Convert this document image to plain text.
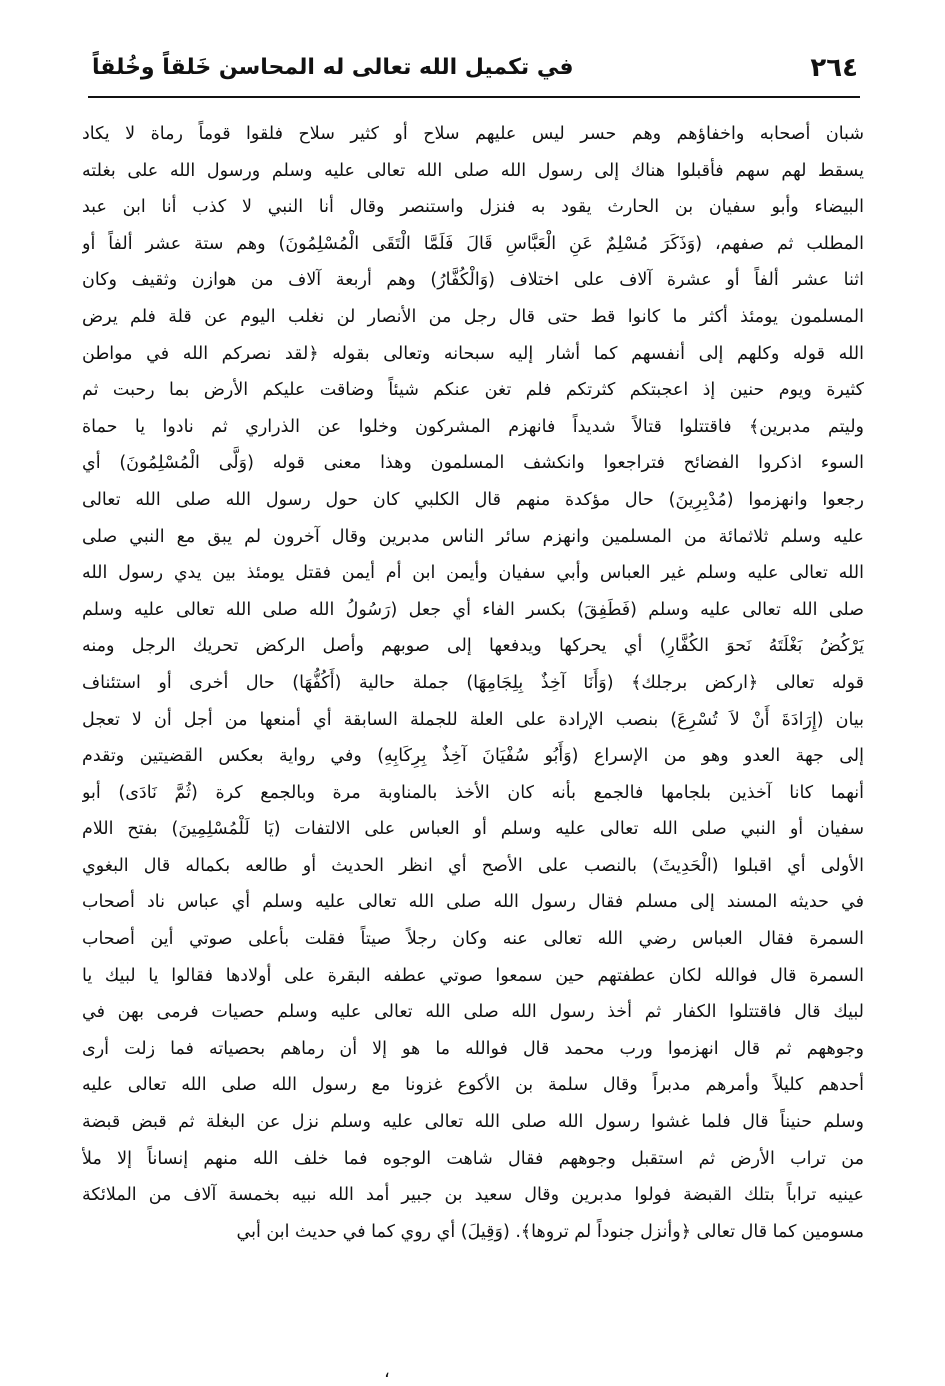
٢٦٤
في تكميل الله تعالى له المحاسن خَلقاً وخُلقاً
شبان أصحابه واخفاؤهم وهم حسر ليس عليهم سلاح أو كثير سلاح فلقوا قوماً رماة لا يكاد
يسقط لهم سهم فأقبلوا هناك إلى رسول الله صلى الله تعالى عليه وسلم ورسول الله على بغلته
البيضاء وأبو سفيان بن الحارث يقود به فنزل واستنصر وقال أنا النبي لا كذب أنا ابن عبد
المطلب ثم صفهم، (وَذَكَرَ مُسْلِمٌ عَنِ الْعَبَّاسِ قَالَ فَلَمَّا الْتَقَى الْمُسْلِمُونَ) وهم ستة عشر ألفاً أو
اثنا عشر ألفاً أو عشرة آلاف على اختلاف (وَالْكُفَّارُ) وهم أربعة آلاف من هوازن وثقيف وكان
المسلمون يومئذ أكثر ما كانوا قط حتى قال رجل من الأنصار لن نغلب اليوم عن قلة فلم يرض
الله قوله وكلهم إلى أنفسهم كما أشار إليه سبحانه وتعالى بقوله ﴿لقد نصركم الله في مواطن
كثيرة ويوم حنين إذ اعجبتكم كثرتكم فلم تغن عنكم شيئاً وضاقت عليكم الأرض بما رحبت ثم
وليتم مدبرين﴾ فاقتتلوا قتالاً شديداً فانهزم المشركون وخلوا عن الذراري ثم نادوا يا حماة
السوء اذكروا الفضائح فتراجعوا وانكشف المسلمون وهذا معنى قوله (وَلَّى الْمُسْلِمُونَ) أي
رجعوا وانهزموا (مُدْبِرِينَ) حال مؤكدة منهم قال الكلبي كان حول رسول الله صلى الله تعالى
عليه وسلم ثلاثمائة من المسلمين وانهزم سائر الناس مدبرين وقال آخرون لم يبق مع النبي صلى
الله تعالى عليه وسلم غير العباس وأبي سفيان وأيمن ابن أم أيمن فقتل يومئذ بين يدي رسول الله
صلى الله تعالى عليه وسلم (فَطَفِقَ) بكسر الفاء أي جعل (رَسُولُ الله صلى الله تعالى عليه وسلم
يَرْكُضُ بَغْلَتَهُ نَحوَ الكُفَّارِ) أي يحركها ويدفعها إلى صوبهم وأصل الركض تحريك الرجل ومنه
قوله تعالى ﴿اركض برجلك﴾ (وَأَنَا آخِذٌ بِلِجَامِهَا) جملة حالية (أَكُفُّهَا) حال أخرى أو استئناف
بيان (إِرَادَةَ أَنْ لاَ تُسْرِعَ) بنصب الإرادة على العلة للجملة السابقة أي أمنعها من أجل أن لا تعجل
إلى جهة العدو وهو من الإسراع (وَأَبُو سُفْيَانَ آخِذٌ بِرِكَابِهِ) وفي رواية بعكس القضيتين وتقدم
أنهما كانا آخذين بلجامها فالجمع بأنه كان الأخذ بالمناوبة مرة وبالجمع كرة (ثُمَّ نَادَى) أبو
سفيان أو النبي صلى الله تعالى عليه وسلم أو العباس على الالتفات (يَا لَلْمُسْلِمِينَ) بفتح اللام
الأولى أي اقبلوا (الْحَدِيثَ) بالنصب على الأصح أي انظر الحديث أو طالعه بكماله قال البغوي
في حديثه المسند إلى مسلم فقال رسول الله صلى الله تعالى عليه وسلم أي عباس ناد أصحاب
السمرة فقال العباس رضي الله تعالى عنه وكان رجلاً صيتاً فقلت بأعلى صوتي أين أصحاب
السمرة قال فوالله لكان عطفتهم حين سمعوا صوتي عطفه البقرة على أولادها فقالوا يا لبيك يا
لبيك قال فاقتتلوا الكفار ثم أخذ رسول الله صلى الله تعالى عليه وسلم حصيات فرمى بهن في
وجوههم ثم قال انهزموا ورب محمد قال فوالله ما هو إلا أن رماهم بحصياته فما زلت أرى
أحدهم كليلاً وأمرهم مدبراً وقال سلمة بن الأكوع غزونا مع رسول الله صلى الله تعالى عليه
وسلم حنيناً قال فلما غشوا رسول الله صلى الله تعالى عليه وسلم نزل عن البغلة ثم قبض قبضة
من تراب الأرض ثم استقبل وجوههم فقال شاهت الوجوه فما خلف الله منهم إنساناً إلا ملأ
عينيه تراباً بتلك القبضة فولوا مدبرين وقال سعيد بن جبير أمد الله نبيه بخمسة آلاف من الملائكة
مسومين كما قال تعالى ﴿وأنزل جنوداً لم تروها﴾. (وَقِيلَ) أي روي كما في حديث ابن أبي
،
